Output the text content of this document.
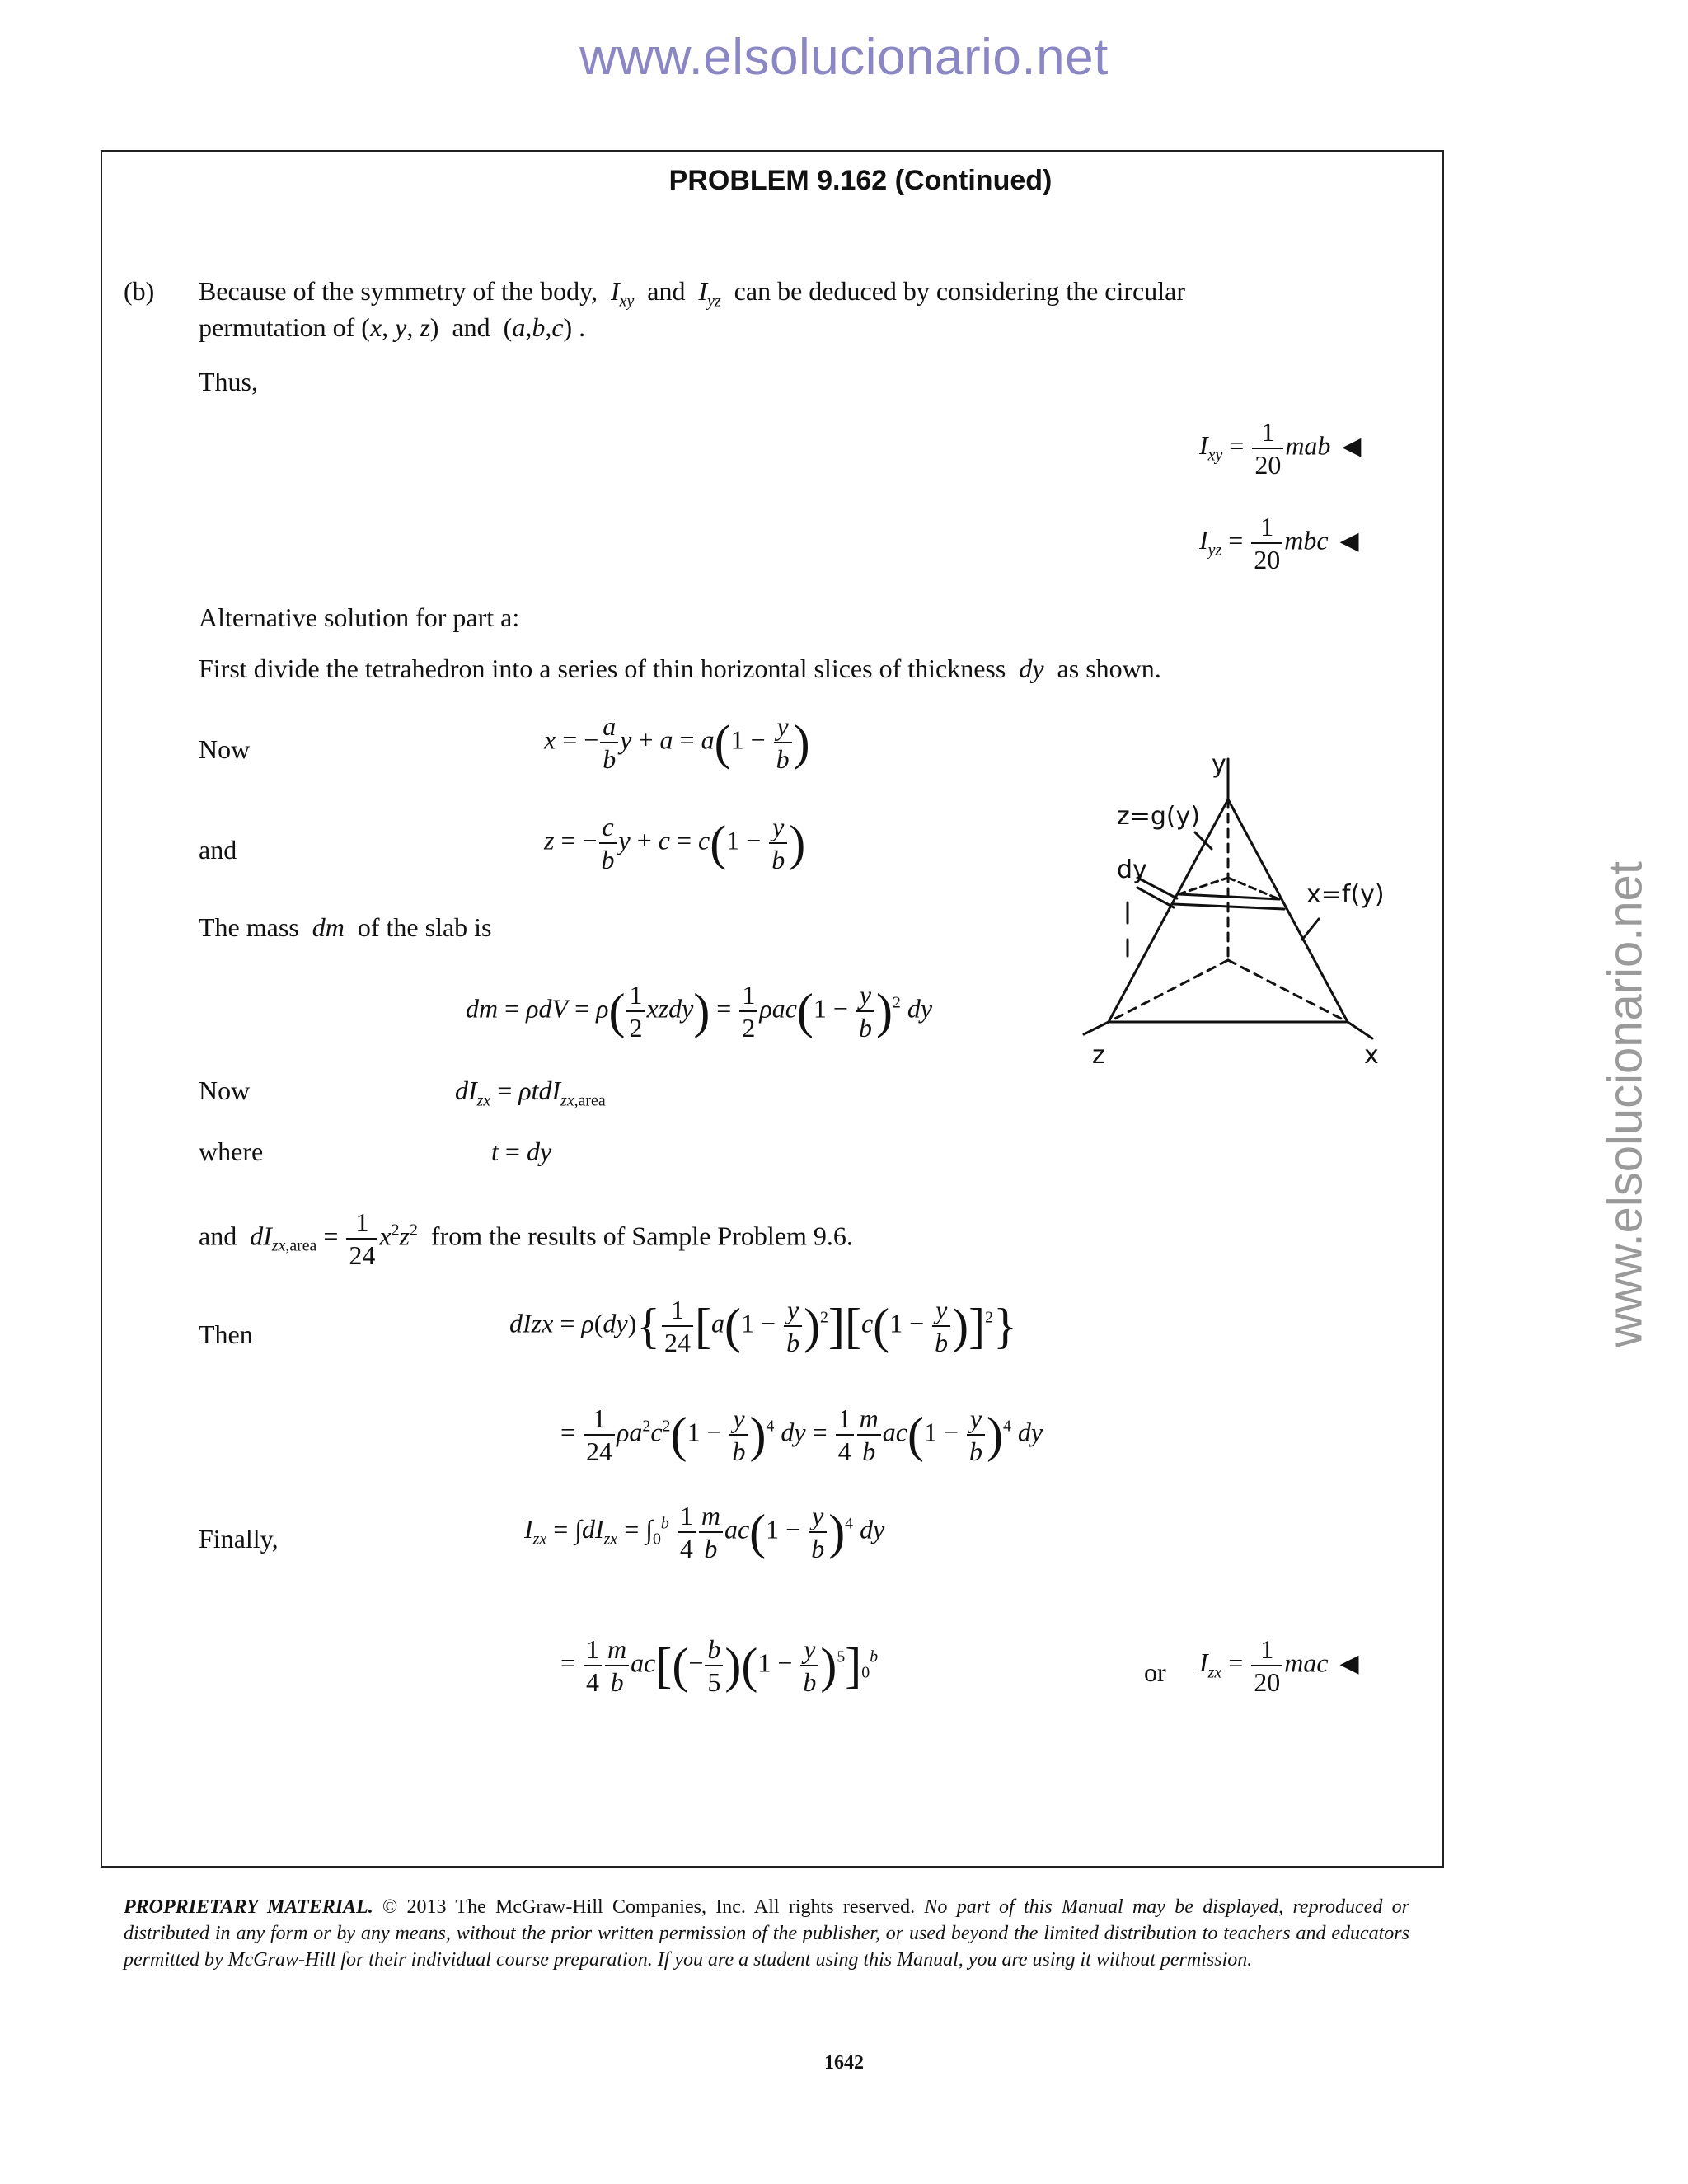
www.elsolucionario.net
www.elsolucionario.net
PROBLEM 9.162 (Continued)
(b) Because of the symmetry of the body,  $I_{xy}$ and  $I_{yz}$ can be deduced by considering the circular
permutation of (x, y, z)  and  (a,b,c) .
Thus,
$I_{xy} = \frac{1}{20}$ mab ◀
$I_{yz} = \frac{1}{20}$ mbc ◀
Alternative solution for part a:
First divide the tetrahedron into a series of thin horizontal slices of thickness  dy  as shown.
Now	x = − $\frac{a}{b}$ $y + a = a(1 - \frac{y}{b}$ )
and	z = − $\frac{c}{b}$ $y + c = c(1 - \frac{y}{b}$ )
The mass  dm  of the slab is
dm = $\rho dV = \rho( \frac{1}{2}$ xzdy) = $\frac{1}{2} \rho ac(1 - \frac{y}{b} )^2$ dy
Now	$dI_{zx} = \rho tdI_{zx,area}$
where	t = dy
and  $dI_{zx,area} = \frac{1}{24} x^2z^2$ from the results of Sample Problem 9.6.
Then	dIzx = $\rho(dy)\{ \frac{1}{24} [a(1 - \frac{y}{b} )^2][c(1 - \frac{y}{b} )]^2\}$
= $\frac{1}{24} \rho a^2c^2(1 - \frac{y}{b} )^4$ dy = $\frac{1}{4} \frac{m}{b} ac(1 - \frac{y}{b} )^4$ dy
Finally,	$I_{zx} = \int dI_{zx} = \int_0^b \frac{1}{4} \frac{m}{b} ac(1 - \frac{y}{b} )^4$ dy
= $\frac{1}{4} \frac{m}{b} ac[(- \frac{b}{5} )(1 - \frac{y}{b} )^5]_0^b$
or $I_{zx} = \frac{1}{20}$ mac ◀
y
z=g(y)
x=f(y)
dy
z	x
PROPRIETARY MATERIAL. © 2013 The McGraw-Hill Companies, Inc. All rights reserved. No part of this Manual may be displayed, reproduced or distributed in any form or by any means, without the prior written permission of the publisher, or used beyond the limited distribution to teachers and educators permitted by McGraw-Hill for their individual course preparation. If you are a student using this Manual, you are using it without permission.
1642
